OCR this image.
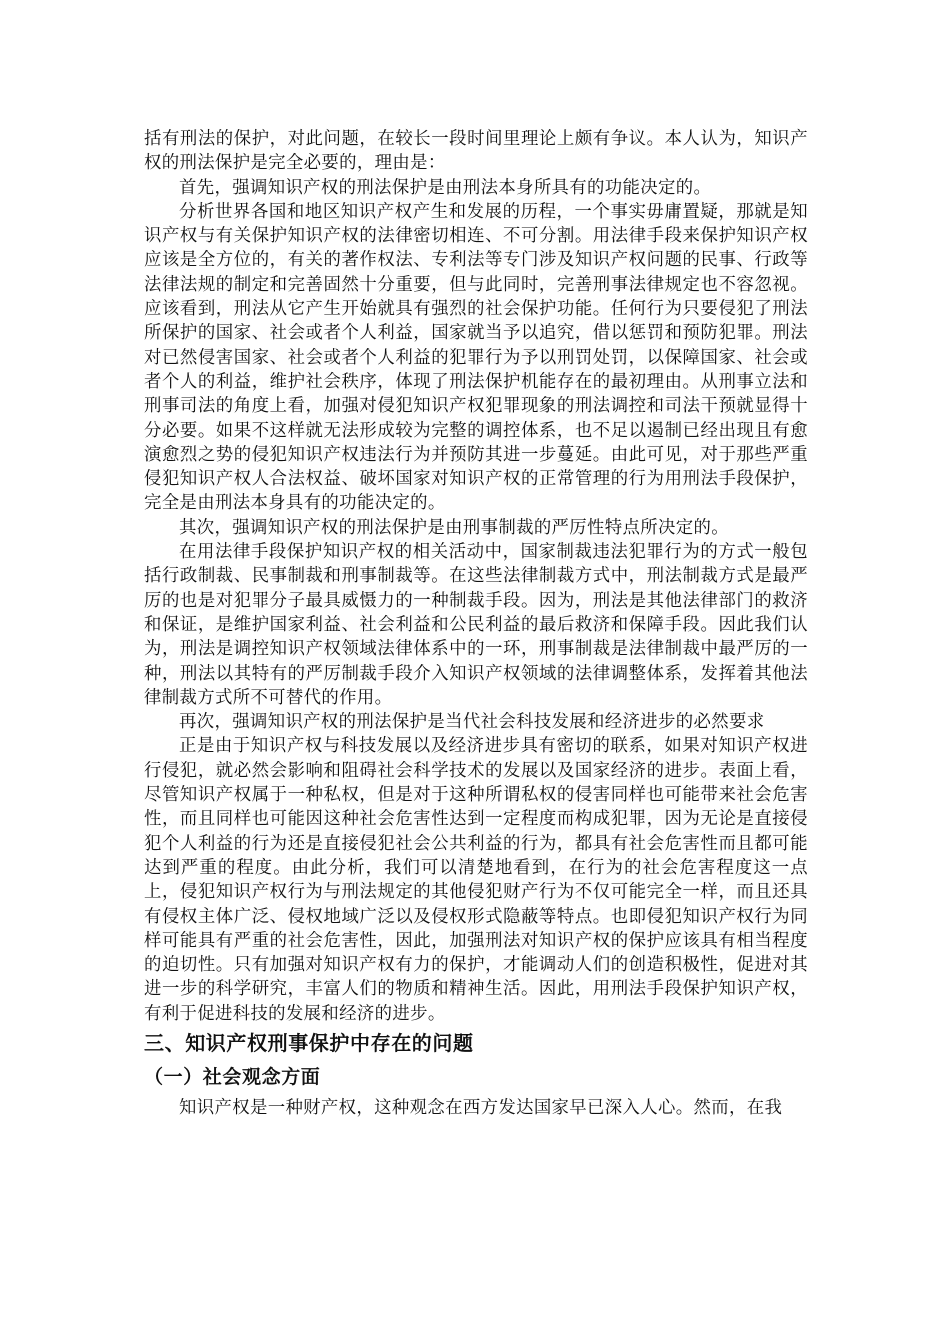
括有刑法的保护，对此问题，在较长一段时间里理论上颇有争议。本人认为，知识产权的刑法保护是完全必要的，理由是：

首先，强调知识产权的刑法保护是由刑法本身所具有的功能决定的。

分析世界各国和地区知识产权产生和发展的历程，一个事实毋庸置疑，那就是知识产权与有关保护知识产权的法律密切相连、不可分割。用法律手段来保护知识产权应该是全方位的，有关的著作权法、专利法等专门涉及知识产权问题的民事、行政等法律法规的制定和完善固然十分重要，但与此同时，完善刑事法律规定也不容忽视。应该看到，刑法从它产生开始就具有强烈的社会保护功能。任何行为只要侵犯了刑法所保护的国家、社会或者个人利益，国家就当予以追究，借以惩罚和预防犯罪。刑法对已然侵害国家、社会或者个人利益的犯罪行为予以刑罚处罚，以保障国家、社会或者个人的利益，维护社会秩序，体现了刑法保护机能存在的最初理由。从刑事立法和刑事司法的角度上看，加强对侵犯知识产权犯罪现象的刑法调控和司法干预就显得十分必要。如果不这样就无法形成较为完整的调控体系，也不足以遏制已经出现且有愈演愈烈之势的侵犯知识产权违法行为并预防其进一步蔓延。由此可见，对于那些严重侵犯知识产权人合法权益、破坏国家对知识产权的正常管理的行为用刑法手段保护，完全是由刑法本身具有的功能决定的。

其次，强调知识产权的刑法保护是由刑事制裁的严厉性特点所决定的。

在用法律手段保护知识产权的相关活动中，国家制裁违法犯罪行为的方式一般包括行政制裁、民事制裁和刑事制裁等。在这些法律制裁方式中，刑法制裁方式是最严厉的也是对犯罪分子最具威慑力的一种制裁手段。因为，刑法是其他法律部门的救济和保证，是维护国家利益、社会利益和公民利益的最后救济和保障手段。因此我们认为，刑法是调控知识产权领域法律体系中的一环，刑事制裁是法律制裁中最严厉的一种，刑法以其特有的严厉制裁手段介入知识产权领域的法律调整体系，发挥着其他法律制裁方式所不可替代的作用。

再次，强调知识产权的刑法保护是当代社会科技发展和经济进步的必然要求

正是由于知识产权与科技发展以及经济进步具有密切的联系，如果对知识产权进行侵犯，就必然会影响和阻碍社会科学技术的发展以及国家经济的进步。表面上看，尽管知识产权属于一种私权，但是对于这种所谓私权的侵害同样也可能带来社会危害性，而且同样也可能因这种社会危害性达到一定程度而构成犯罪，因为无论是直接侵犯个人利益的行为还是直接侵犯社会公共利益的行为，都具有社会危害性而且都可能达到严重的程度。由此分析，我们可以清楚地看到，在行为的社会危害程度这一点上，侵犯知识产权行为与刑法规定的其他侵犯财产行为不仅可能完全一样，而且还具有侵权主体广泛、侵权地域广泛以及侵权形式隐蔽等特点。也即侵犯知识产权行为同样可能具有严重的社会危害性，因此，加强刑法对知识产权的保护应该具有相当程度的迫切性。只有加强对知识产权有力的保护，才能调动人们的创造积极性，促进对其进一步的科学研究，丰富人们的物质和精神生活。因此，用刑法手段保护知识产权，有利于促进科技的发展和经济的进步。

三、知识产权刑事保护中存在的问题
（一）社会观念方面

知识产权是一种财产权，这种观念在西方发达国家早已深入人心。然而，在我
